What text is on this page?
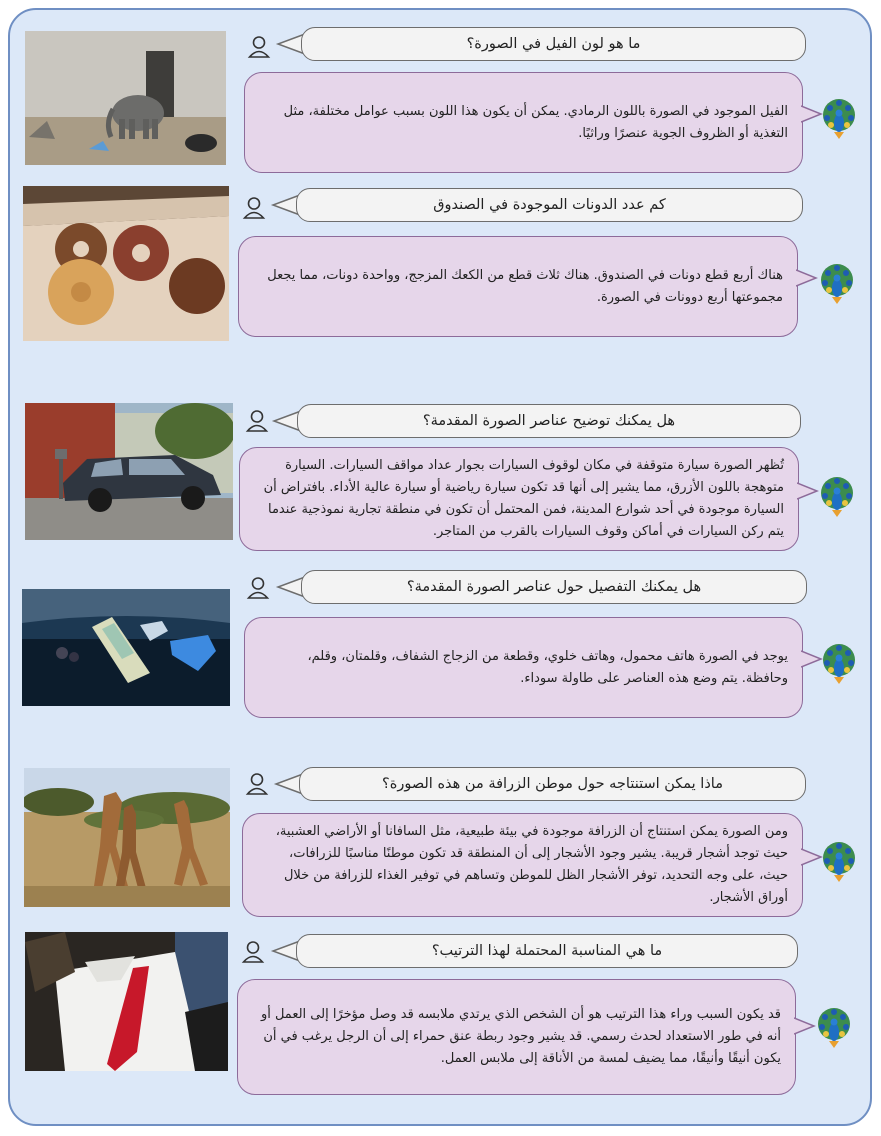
ما هو لون الفيل في الصورة؟
الفيل الموجود في الصورة باللون الرمادي. يمكن أن يكون هذا اللون بسبب عوامل مختلفة، مثل التغذية أو الظروف الجوية عنصرًا وراثيًا.
كم عدد الدونات الموجودة في الصندوق
هناك أربع قطع دونات في الصندوق. هناك ثلاث قطع من الكعك المزجج، وواحدة دونات، مما يجعل مجموعتها أربع دوونات في الصورة.
هل يمكنك توضيح عناصر الصورة المقدمة؟
تُظهر الصورة سيارة متوقفة في مكان لوقوف السيارات بجوار عداد مواقف السيارات. السيارة متوهجة باللون الأزرق، مما يشير إلى أنها قد تكون سيارة رياضية أو سيارة عالية الأداء. بافتراض أن السيارة موجودة في أحد شوارع المدينة، فمن المحتمل أن تكون في منطقة تجارية نموذجية عندما يتم ركن السيارات في أماكن وقوف السيارات بالقرب من المتاجر.
هل يمكنك التفصيل حول عناصر الصورة المقدمة؟
يوجد في الصورة هاتف محمول، وهاتف خلوي، وقطعة من الزجاج الشفاف، وقلمتان، وقلم، وحافظة. يتم وضع هذه العناصر على طاولة سوداء.
ماذا يمكن استنتاجه حول موطن الزرافة من هذه الصورة؟
ومن الصورة يمكن استنتاج أن الزرافة موجودة في بيئة طبيعية، مثل السافانا أو الأراضي العشبية، حيث توجد أشجار قريبة. يشير وجود الأشجار إلى أن المنطقة قد تكون موطنًا مناسبًا للزرافات، حيث، على وجه التحديد، توفر الأشجار الظل للموطن وتساهم في توفير الغذاء للزرافة من خلال أوراق الأشجار.
ما هي المناسبة المحتملة لهذا الترتيب؟
قد يكون السبب وراء هذا الترتيب هو أن الشخص الذي يرتدي ملابسه قد وصل مؤخرًا إلى العمل أو أنه في طور الاستعداد لحدث رسمي. قد يشير وجود ربطة عنق حمراء إلى أن الرجل يرغب في أن يكون أنيقًا وأنيقًا، مما يضيف لمسة من الأناقة إلى ملابس العمل.
